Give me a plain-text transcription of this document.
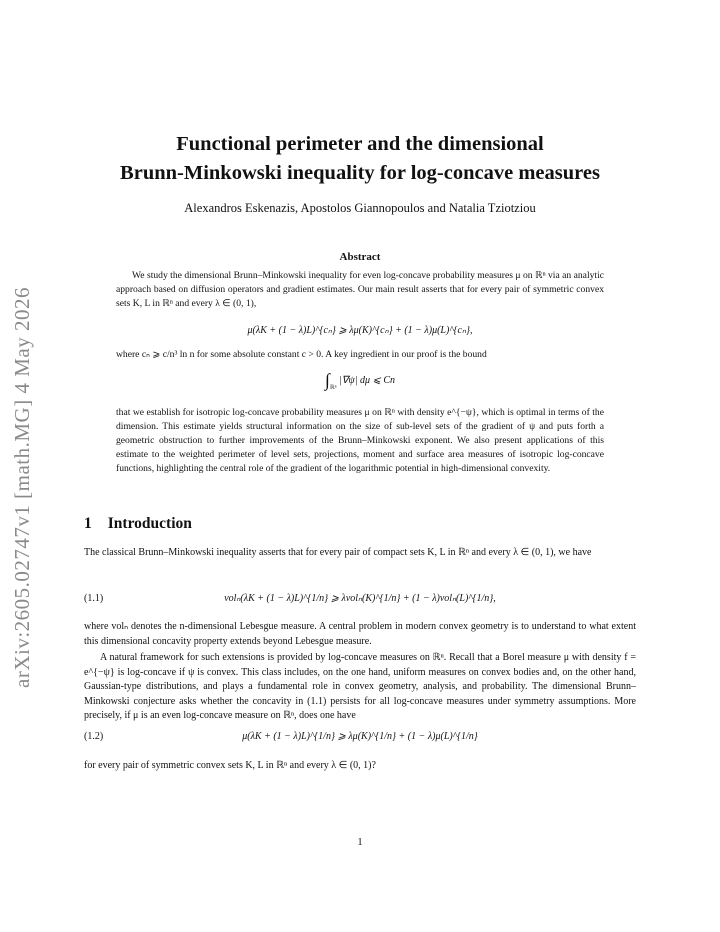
arXiv:2605.02747v1 [math.MG] 4 May 2026
Functional perimeter and the dimensional
Brunn-Minkowski inequality for log-concave measures
Alexandros Eskenazis, Apostolos Giannopoulos and Natalia Tziotziou
Abstract
We study the dimensional Brunn–Minkowski inequality for even log-concave probability measures μ on ℝⁿ via an analytic approach based on diffusion operators and gradient estimates. Our main result asserts that for every pair of symmetric convex sets K, L in ℝⁿ and every λ ∈ (0, 1),
μ(λK + (1 − λ)L)^{cₙ} ⩾ λμ(K)^{cₙ} + (1 − λ)μ(L)^{cₙ},
where cₙ ⩾ c/n³ ln n for some absolute constant c > 0. A key ingredient in our proof is the bound
$\int_{ℝ^n}$ |∇ψ| dμ ⩽ Cn
that we establish for isotropic log-concave probability measures μ on ℝⁿ with density e^{−ψ}, which is optimal in terms of the dimension. This estimate yields structural information on the size of sub-level sets of the gradient of ψ and puts forth a geometric obstruction to further improvements of the Brunn–Minkowski exponent. We also present applications of this estimate to the weighted perimeter of level sets, projections, moment and surface area measures of isotropic log-concave functions, highlighting the central role of the gradient of the logarithmic potential in high-dimensional convexity.
1 Introduction
The classical Brunn–Minkowski inequality asserts that for every pair of compact sets K, L in ℝⁿ and every λ ∈ (0, 1), we have
(1.1)	volₙ(λK + (1 − λ)L)^{1/n} ⩾ λvolₙ(K)^{1/n} + (1 − λ)volₙ(L)^{1/n},
where volₙ denotes the n-dimensional Lebesgue measure. A central problem in modern convex geometry is to understand to what extent this dimensional concavity property extends beyond Lebesgue measure.
A natural framework for such extensions is provided by log-concave measures on ℝⁿ. Recall that a Borel measure μ with density f = e^{−ψ} is log-concave if ψ is convex. This class includes, on the one hand, uniform measures on convex bodies and, on the other hand, Gaussian-type distributions, and plays a fundamental role in convex geometry, analysis, and probability. The dimensional Brunn–Minkowski conjecture asks whether the concavity in (1.1) persists for all log-concave measures under symmetry assumptions. More precisely, if μ is an even log-concave measure on ℝⁿ, does one have
(1.2)	μ(λK + (1 − λ)L)^{1/n} ⩾ λμ(K)^{1/n} + (1 − λ)μ(L)^{1/n}
for every pair of symmetric convex sets K, L in ℝⁿ and every λ ∈ (0, 1)?
1
